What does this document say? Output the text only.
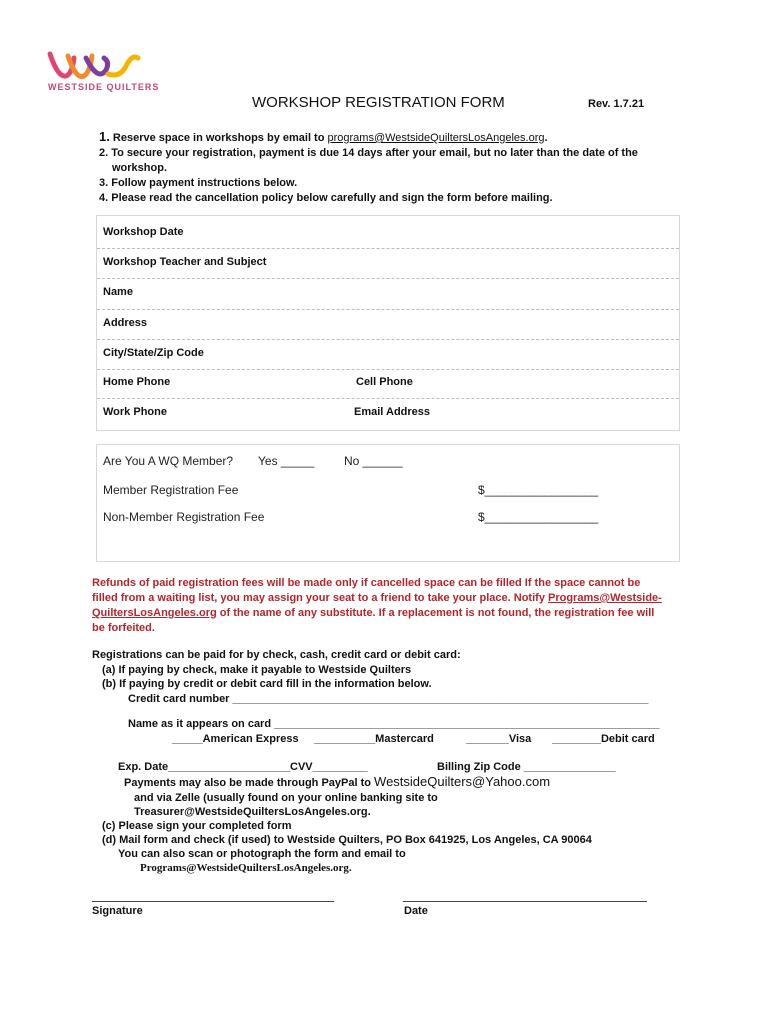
WESTSIDE QUILTERS
WORKSHOP REGISTRATION FORM	Rev. 1.7.21
1. Reserve space in workshops by email to programs@WestsideQuiltersLosAngeles.org.
2. To secure your registration, payment is due 14 days after your email, but no later than the date of the
workshop.
3. Follow payment instructions below.
4. Please read the cancellation policy below carefully and sign the form before mailing.
Workshop Date
Workshop Teacher and Subject
Name
Address
City/State/Zip Code
Home Phone	Cell Phone
Work Phone	Email Address
Are You A WQ Member? Yes _____ No ______
Member Registration Fee	$_________________
Non-Member Registration Fee	$_________________
Refunds of paid registration fees will be made only if cancelled space can be filled If the space cannot be
filled from a waiting list, you may assign your seat to a friend to take your place. Notify Programs@Westside-
QuiltersLosAngeles.org of the name of any substitute. If a replacement is not found, the registration fee will
be forfeited.
Registrations can be paid for by check, cash, credit card or debit card:
(a) If paying by check, make it payable to Westside Quilters
(b) If paying by credit or debit card fill in the information below.
Credit card number ____________________________________________________________________
Name as it appears on card _______________________________________________________________
_____American Express __________Mastercard	_______Visa ________Debit card
Exp. Date____________________ CVV_________	Billing Zip Code _______________
Payments may also be made through PayPal to WestsideQuilters@Yahoo.com
and via Zelle (usually found on your online banking site to
Treasurer@WestsideQuiltersLosAngeles.org.
(c) Please sign your completed form
(d) Mail form and check (if used) to Westside Quilters, PO Box 641925, Los Angeles, CA 90064
You can also scan or photograph the form and email to
Programs@WestsideQuiltersLosAngeles.org.
Signature	Date
